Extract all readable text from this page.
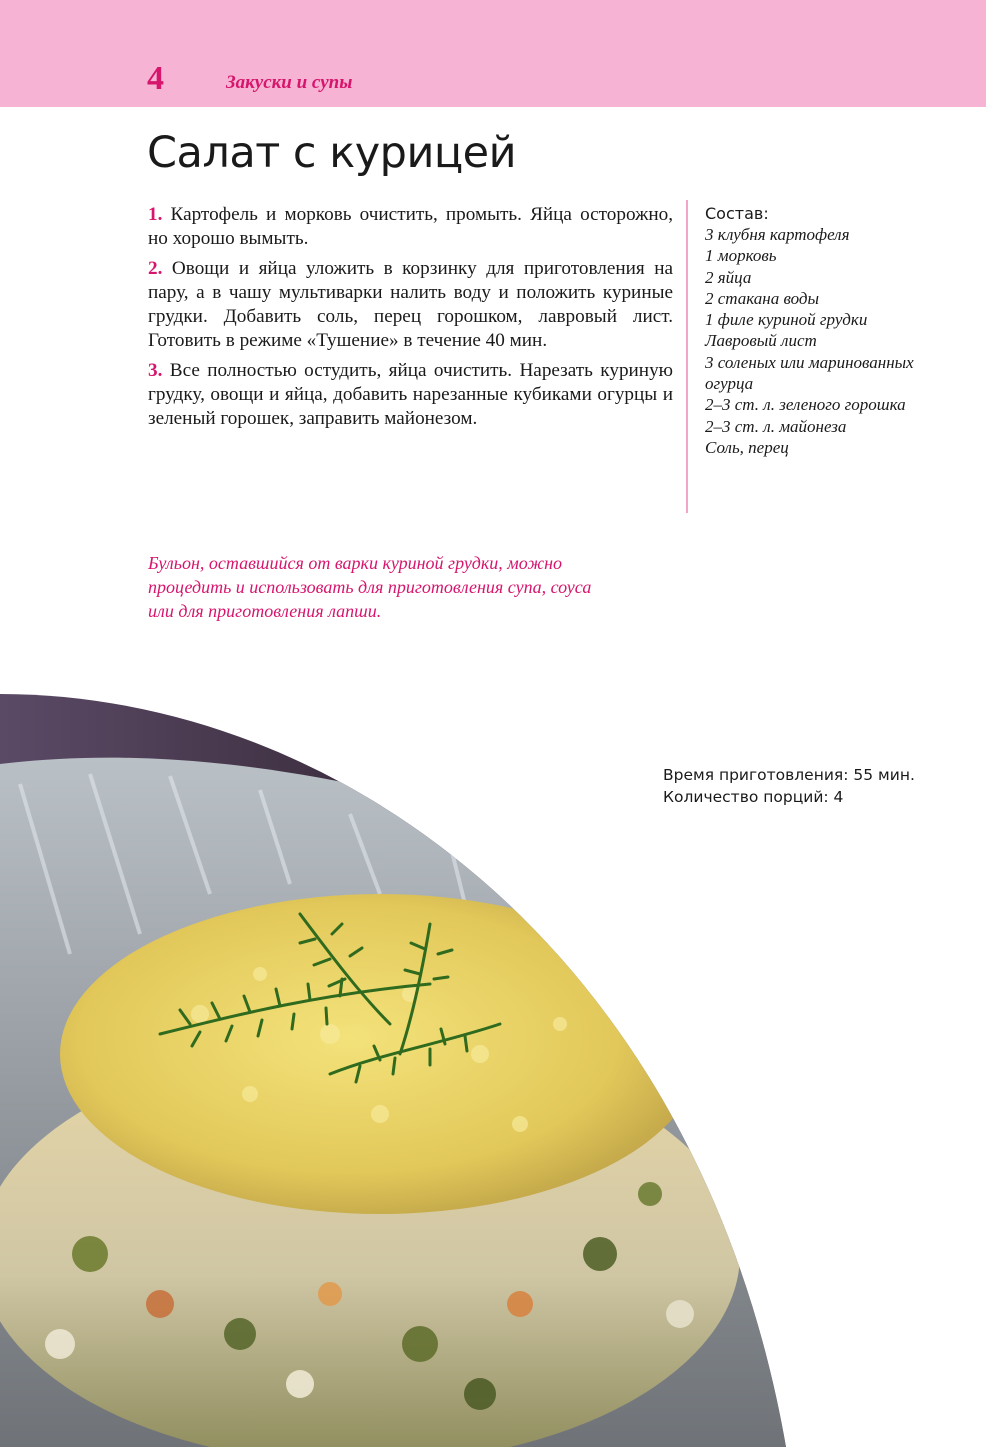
4	Закуски и супы
Салат с курицей

1. Картофель и морковь очистить, промыть. Яйца осторожно, но хорошо вымыть.

2. Овощи и яйца уложить в корзинку для приготовления на пару, а в чашу мультиварки налить воду и положить куриные грудки. Добавить соль, перец горошком, лавровый лист. Готовить в режиме «Тушение» в течение 40 мин.

3. Все полностью остудить, яйца очистить. Нарезать куриную грудку, овощи и яйца, добавить нарезанные кубиками огурцы и зеленый горошек, заправить майонезом.

Состав:
3 клубня картофеля
1 морковь
2 яйца
2 стакана воды
1 филе куриной грудки
Лавровый лист
3 соленых или маринованных огурца
2–3 ст. л. зеленого горошка
2–3 ст. л. майонеза
Соль, перец
Бульон, оставшийся от варки куриной грудки, можно процедить и использовать для приготовления супа, соуса или для приготовления лапши.
Время приготовления: 55 мин.
Количество порций: 4
